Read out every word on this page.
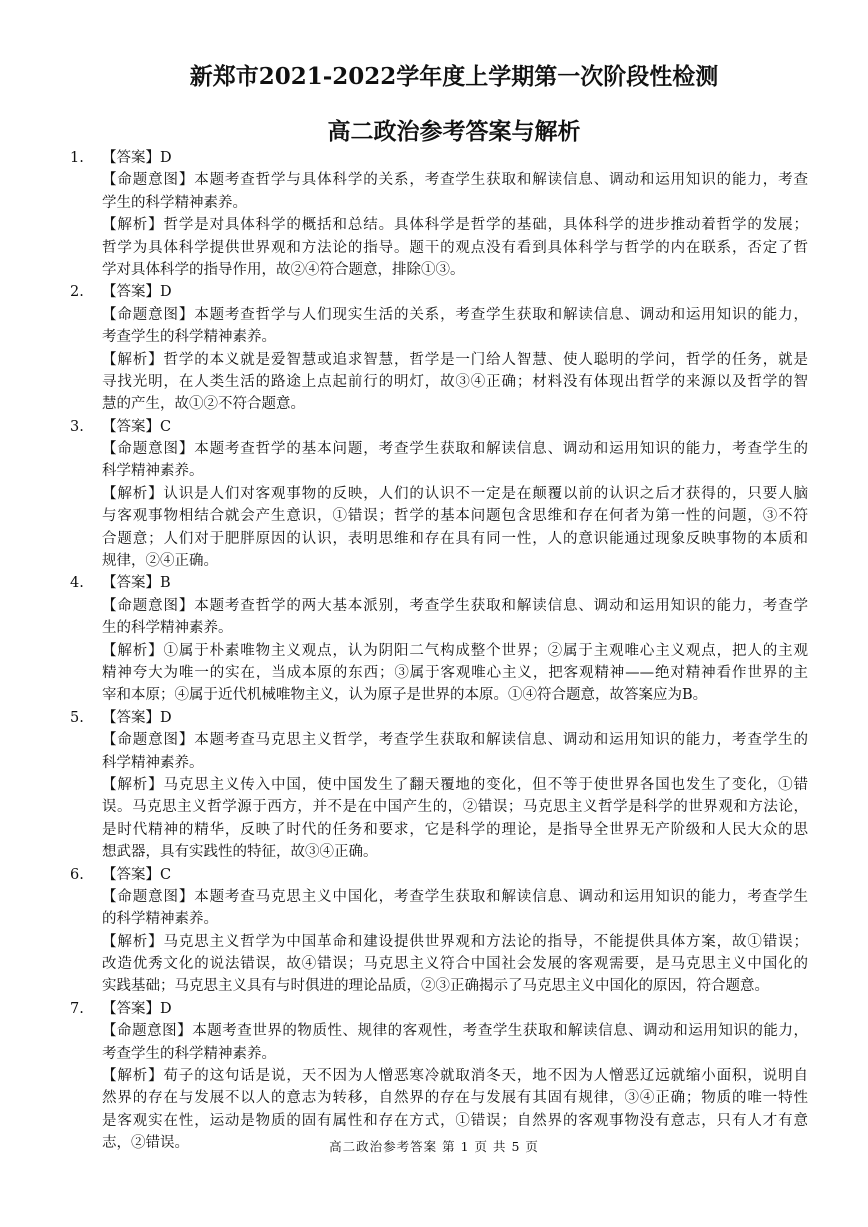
新郑市2021-2022学年度上学期第一次阶段性检测
高二政治参考答案与解析
1.	【答案】D
【命题意图】本题考查哲学与具体科学的关系，考查学生获取和解读信息、调动和运用知识的能力，考查
学生的科学精神素养。
【解析】哲学是对具体科学的概括和总结。具体科学是哲学的基础，具体科学的进步推动着哲学的发展；
哲学为具体科学提供世界观和方法论的指导。题干的观点没有看到具体科学与哲学的内在联系，否定了哲
学对具体科学的指导作用，故②④符合题意，排除①③。
2.	【答案】D
【命题意图】本题考查哲学与人们现实生活的关系，考查学生获取和解读信息、调动和运用知识的能力，
考查学生的科学精神素养。
【解析】哲学的本义就是爱智慧或追求智慧，哲学是一门给人智慧、使人聪明的学问，哲学的任务，就是
寻找光明，在人类生活的路途上点起前行的明灯，故③④正确；材料没有体现出哲学的来源以及哲学的智
慧的产生，故①②不符合题意。
3.	【答案】C
【命题意图】本题考查哲学的基本问题，考查学生获取和解读信息、调动和运用知识的能力，考查学生的
科学精神素养。
【解析】认识是人们对客观事物的反映，人们的认识不一定是在颠覆以前的认识之后才获得的，只要人脑
与客观事物相结合就会产生意识，①错误；哲学的基本问题包含思维和存在何者为第一性的问题，③不符
合题意；人们对于肥胖原因的认识，表明思维和存在具有同一性，人的意识能通过现象反映事物的本质和
规律，②④正确。
4.	【答案】B
【命题意图】本题考查哲学的两大基本派别，考查学生获取和解读信息、调动和运用知识的能力，考查学
生的科学精神素养。
【解析】①属于朴素唯物主义观点，认为阴阳二气构成整个世界；②属于主观唯心主义观点，把人的主观
精神夸大为唯一的实在，当成本原的东西；③属于客观唯心主义，把客观精神——绝对精神看作世界的主
宰和本原；④属于近代机械唯物主义，认为原子是世界的本原。①④符合题意，故答案应为B。
5.	【答案】D
【命题意图】本题考查马克思主义哲学，考查学生获取和解读信息、调动和运用知识的能力，考查学生的
科学精神素养。
【解析】马克思主义传入中国，使中国发生了翻天覆地的变化，但不等于使世界各国也发生了变化，①错
误。马克思主义哲学源于西方，并不是在中国产生的，②错误；马克思主义哲学是科学的世界观和方法论，
是时代精神的精华，反映了时代的任务和要求，它是科学的理论，是指导全世界无产阶级和人民大众的思
想武器，具有实践性的特征，故③④正确。
6.	【答案】C
【命题意图】本题考查马克思主义中国化，考查学生获取和解读信息、调动和运用知识的能力，考查学生
的科学精神素养。
【解析】马克思主义哲学为中国革命和建设提供世界观和方法论的指导，不能提供具体方案，故①错误；
改造优秀文化的说法错误，故④错误；马克思主义符合中国社会发展的客观需要，是马克思主义中国化的
实践基础；马克思主义具有与时俱进的理论品质，②③正确揭示了马克思主义中国化的原因，符合题意。
7.	【答案】D
【命题意图】本题考查世界的物质性、规律的客观性，考查学生获取和解读信息、调动和运用知识的能力，
考查学生的科学精神素养。
【解析】荀子的这句话是说，天不因为人憎恶寒冷就取消冬天，地不因为人憎恶辽远就缩小面积，说明自
然界的存在与发展不以人的意志为转移，自然界的存在与发展有其固有规律，③④正确；物质的唯一特性
是客观实在性，运动是物质的固有属性和存在方式，①错误；自然界的客观事物没有意志，只有人才有意
志，②错误。	高二政治参考答案 第 1 页 共 5 页
